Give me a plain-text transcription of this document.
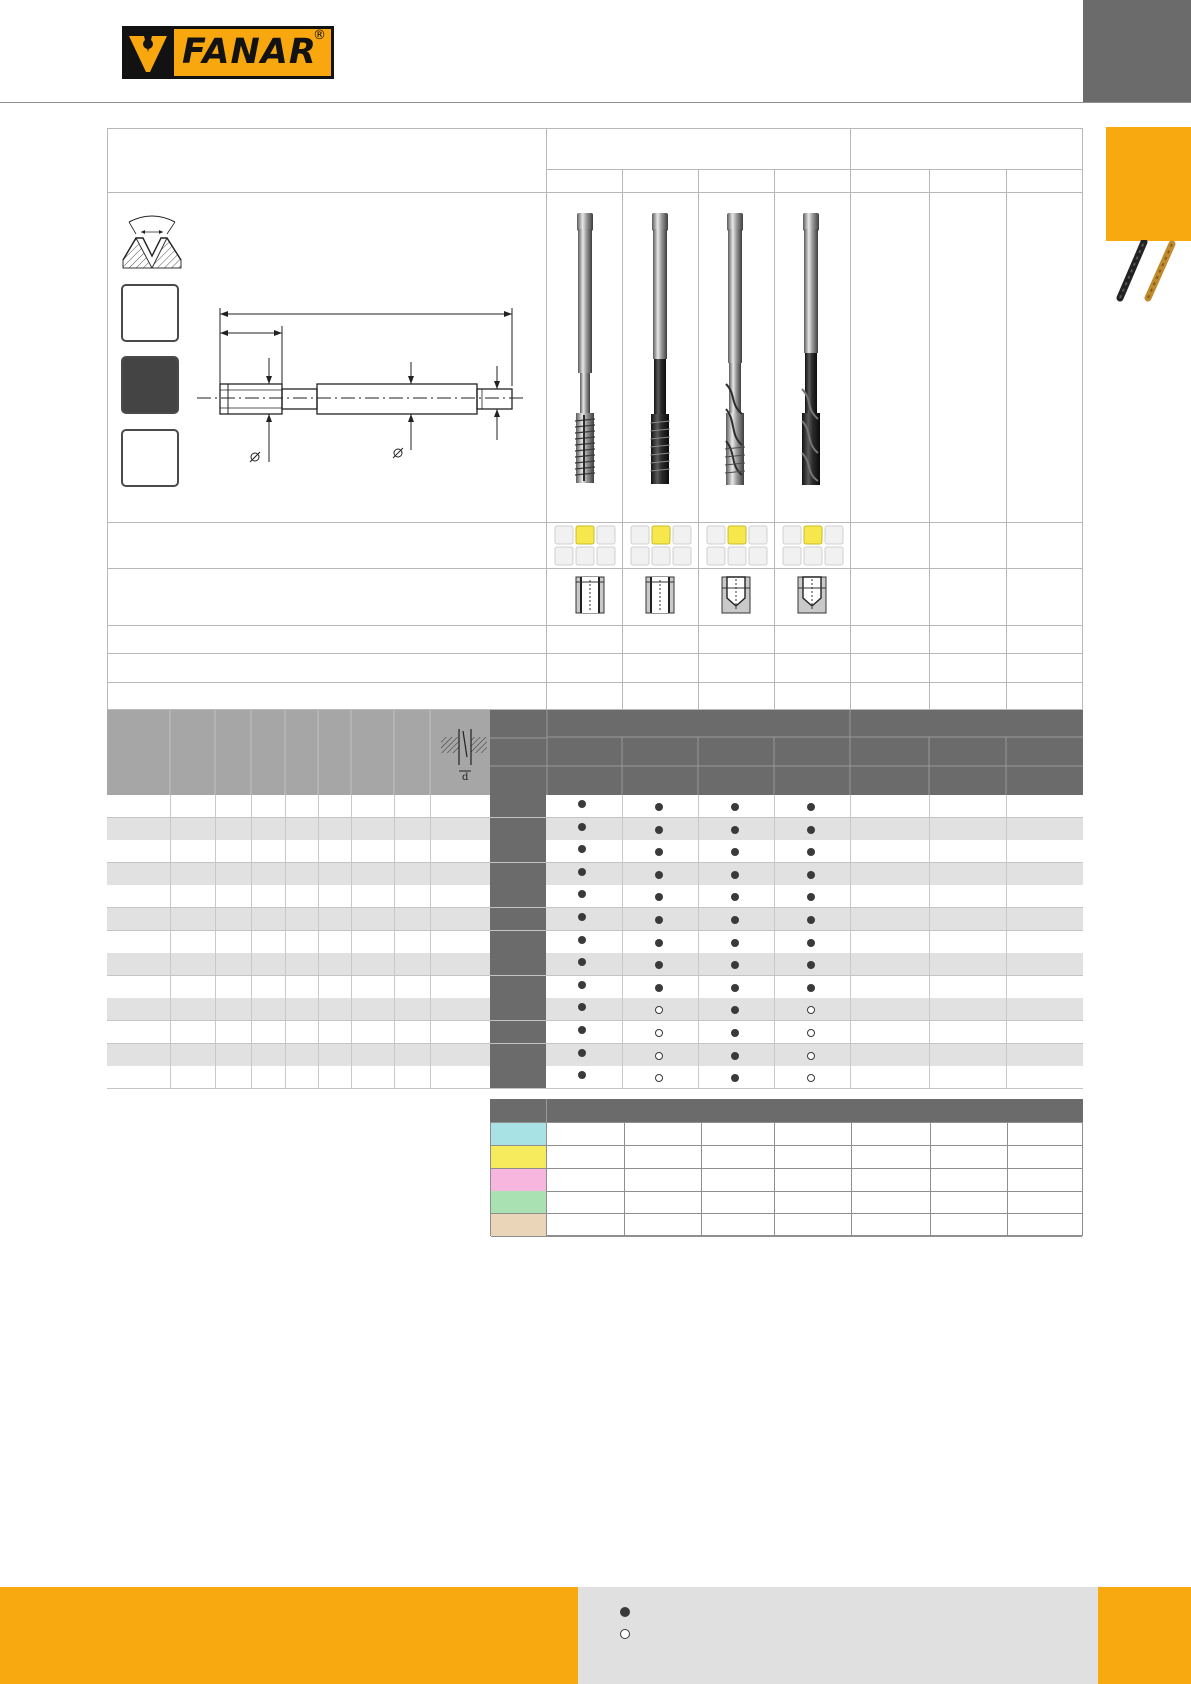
FANAR
®
d
